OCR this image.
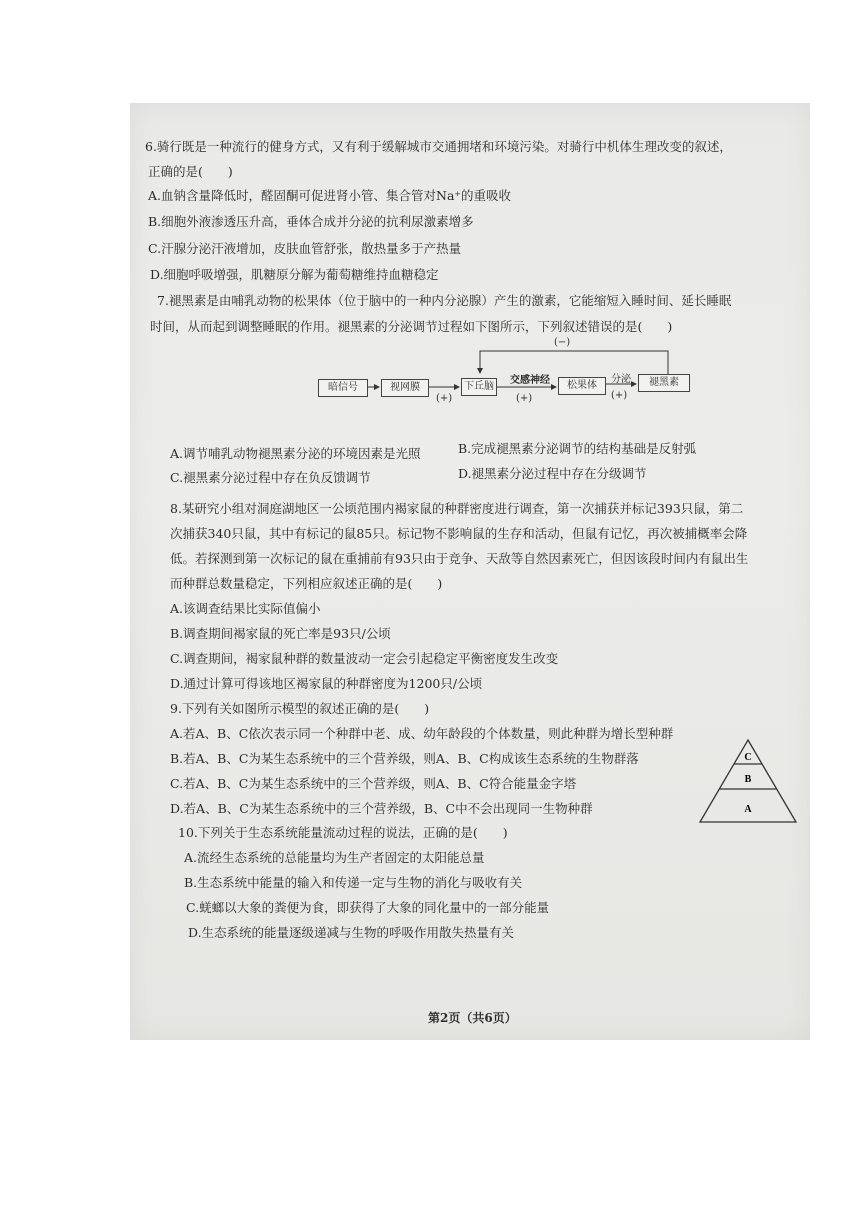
6.骑行既是一种流行的健身方式，又有利于缓解城市交通拥堵和环境污染。对骑行中机体生理改变的叙述，
正确的是(　　)
A.血钠含量降低时，醛固酮可促进肾小管、集合管对Na⁺的重吸收
B.细胞外液渗透压升高，垂体合成并分泌的抗利尿激素增多
C.汗腺分泌汗液增加，皮肤血管舒张，散热量多于产热量
D.细胞呼吸增强，肌糖原分解为葡萄糖维持血糖稳定
7.褪黑素是由哺乳动物的松果体（位于脑中的一种内分泌腺）产生的激素，它能缩短入睡时间、延长睡眠
时间，从而起到调整睡眠的作用。褪黑素的分泌调节过程如下图所示，下列叙述错误的是(　　)
暗信号	视网膜	下丘脑	松果体	褪黑素
交感神经	分泌
(+)	(+)	(+)
(−)
A.调节哺乳动物褪黑素分泌的环境因素是光照	B.完成褪黑素分泌调节的结构基础是反射弧
C.褪黑素分泌过程中存在负反馈调节	D.褪黑素分泌过程中存在分级调节
8.某研究小组对洞庭湖地区一公顷范围内褐家鼠的种群密度进行调查，第一次捕获并标记393只鼠，第二
次捕获340只鼠，其中有标记的鼠85只。标记物不影响鼠的生存和活动，但鼠有记忆，再次被捕概率会降
低。若探测到第一次标记的鼠在重捕前有93只由于竞争、天敌等自然因素死亡，但因该段时间内有鼠出生
而种群总数量稳定，下列相应叙述正确的是(　　)
A.该调查结果比实际值偏小
B.调查期间褐家鼠的死亡率是93只/公顷
C.调查期间，褐家鼠种群的数量波动一定会引起稳定平衡密度发生改变
D.通过计算可得该地区褐家鼠的种群密度为1200只/公顷
9.下列有关如图所示模型的叙述正确的是(　　)
A.若A、B、C依次表示同一个种群中老、成、幼年龄段的个体数量，则此种群为增长型种群
B.若A、B、C为某生态系统中的三个营养级，则A、B、C构成该生态系统的生物群落
C.若A、B、C为某生态系统中的三个营养级，则A、B、C符合能量金字塔
D.若A、B、C为某生态系统中的三个营养级，B、C中不会出现同一生物种群
C
B
A
10.下列关于生态系统能量流动过程的说法，正确的是(　　)
A.流经生态系统的总能量均为生产者固定的太阳能总量
B.生态系统中能量的输入和传递一定与生物的消化与吸收有关
C.蜣螂以大象的粪便为食，即获得了大象的同化量中的一部分能量
D.生态系统的能量逐级递减与生物的呼吸作用散失热量有关
第2页（共6页）
